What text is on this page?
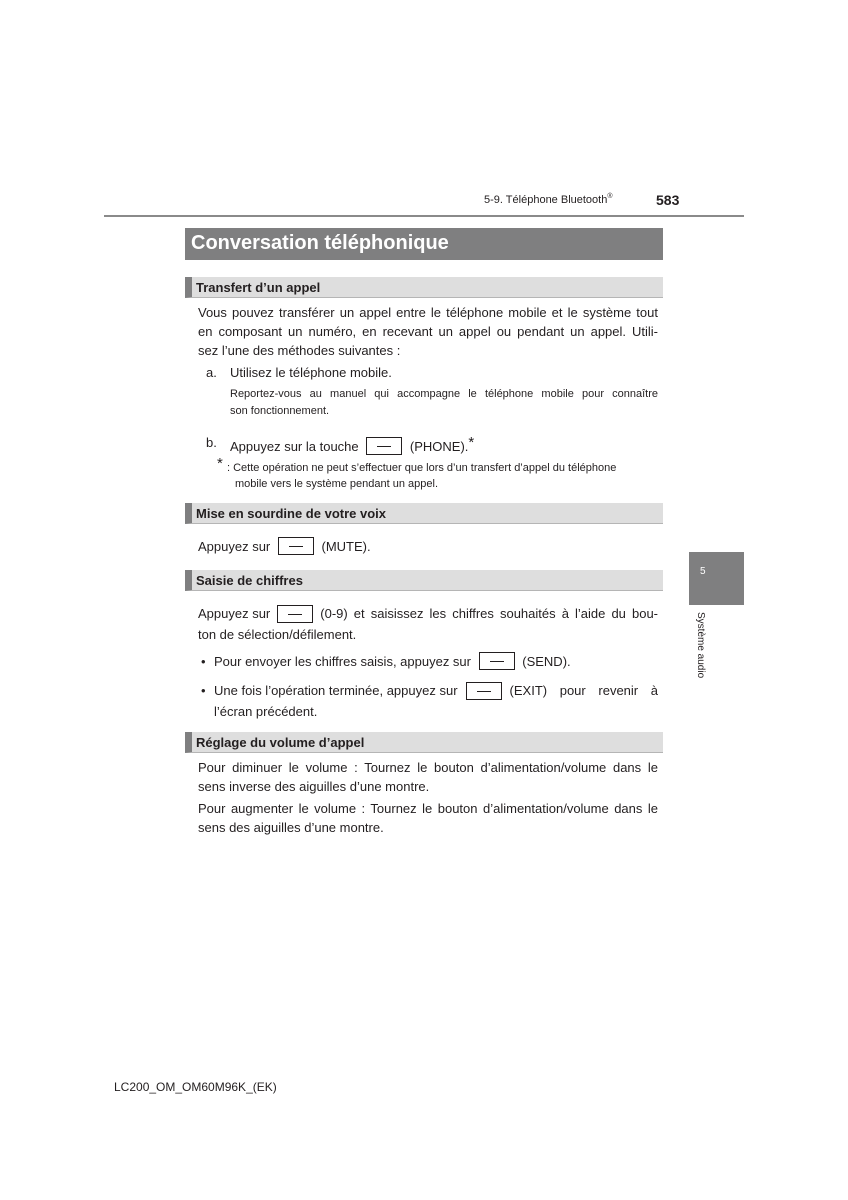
5-9. Téléphone Bluetooth®	583
Conversation téléphonique
Transfert d’un appel
Vous pouvez transférer un appel entre le téléphone mobile et le système tout
en composant un numéro, en recevant un appel ou pendant un appel. Utili-
sez l’une des méthodes suivantes :
a. Utilisez le téléphone mobile.
Reportez-vous au manuel qui accompagne le téléphone mobile pour connaître
son fonctionnement.
b. Appuyez sur la touche	(PHONE).*
* : Cette opération ne peut s’effectuer que lors d’un transfert d’appel du téléphone
mobile vers le système pendant un appel.
Mise en sourdine de votre voix
Appuyez sur	(MUTE).
Saisie de chiffres
Appuyez sur	(0-9) et saisissez les chiffres souhaités à l’aide du bou-
ton de sélection/défilement.
• Pour envoyer les chiffres saisis, appuyez sur	(SEND).
• Une fois l’opération terminée, appuyez sur	(EXIT) pour revenir à
l’écran précédent.
Réglage du volume d’appel
Pour diminuer le volume : Tournez le bouton d’alimentation/volume dans le
sens inverse des aiguilles d’une montre.
Pour augmenter le volume : Tournez le bouton d’alimentation/volume dans le
sens des aiguilles d’une montre.
5
Système audio
LC200_OM_OM60M96K_(EK)
